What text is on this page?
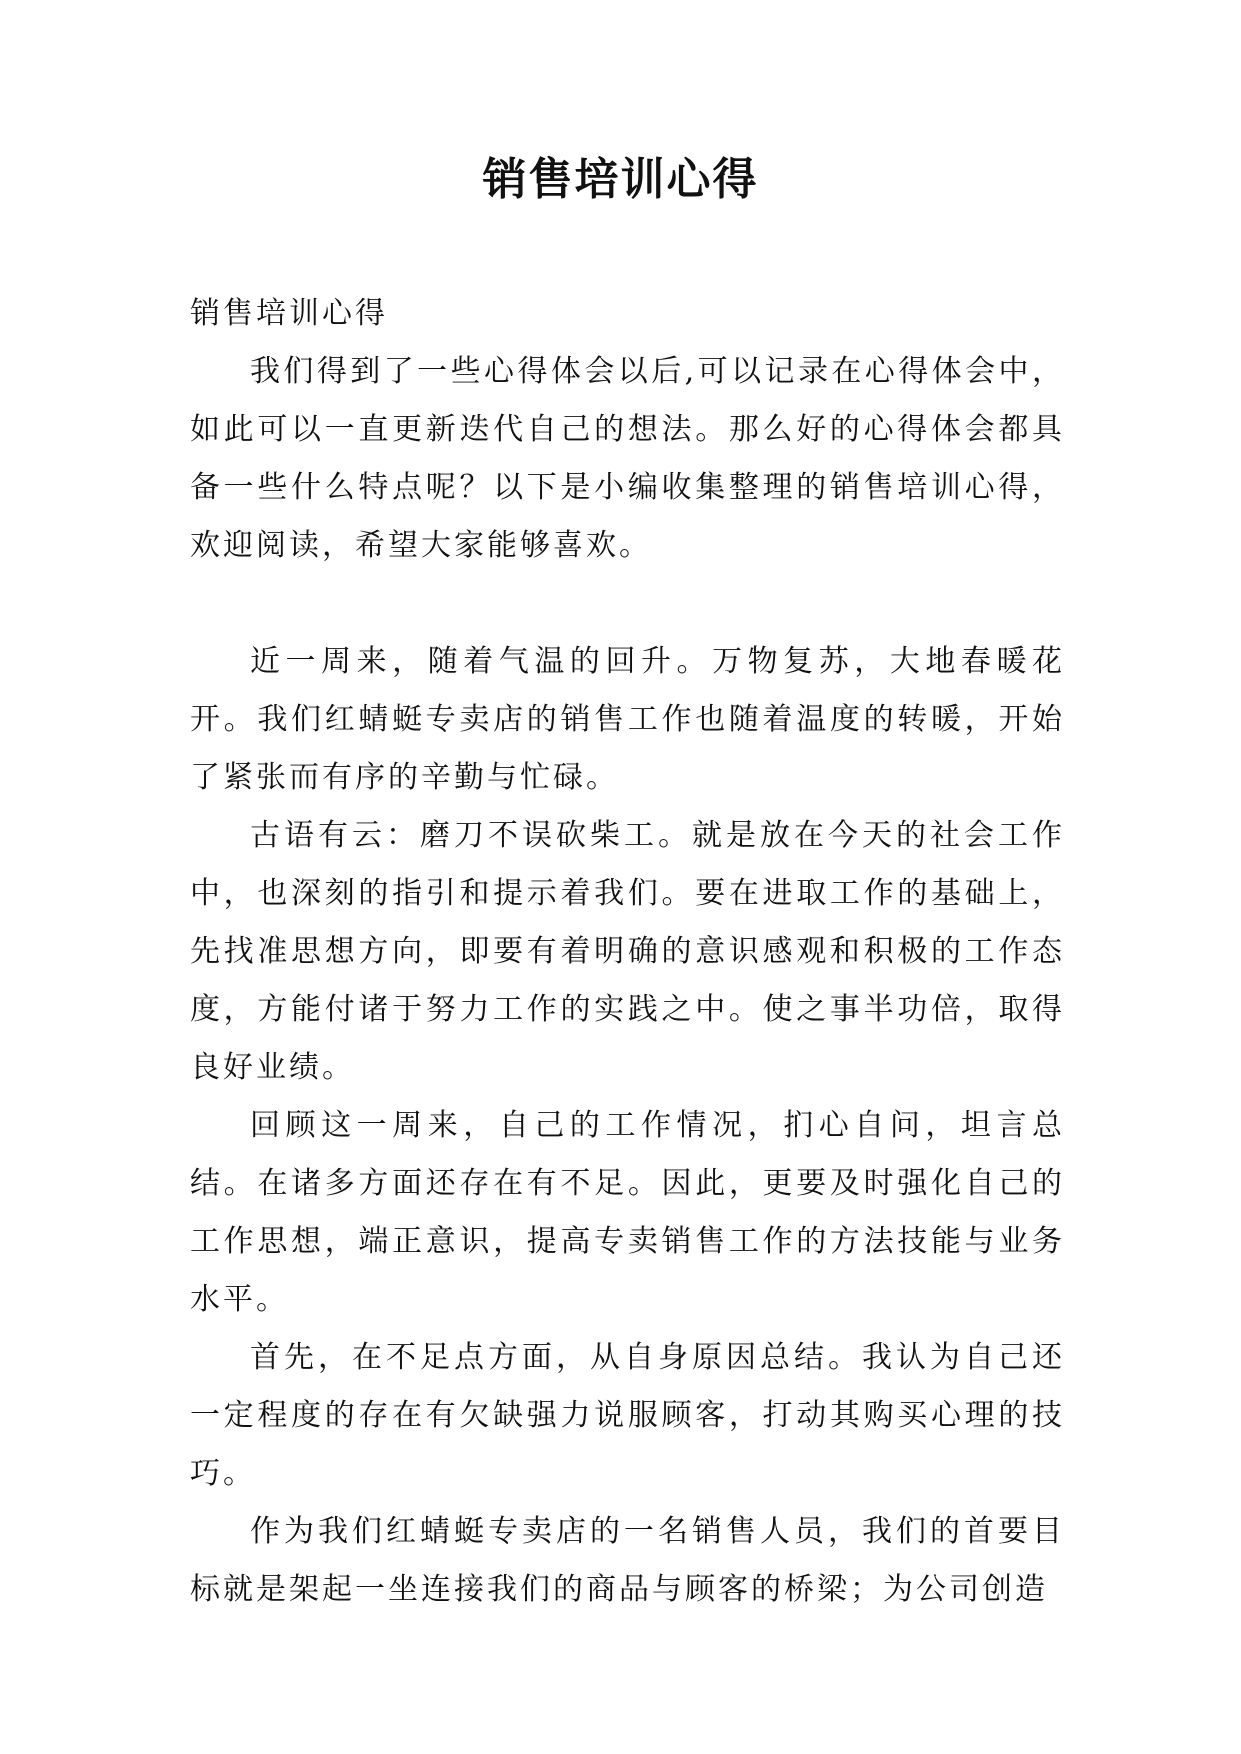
销售培训心得

销售培训心得

我们得到了一些心得体会以后,可以记录在心得体会中，如此可以一直更新迭代自己的想法。那么好的心得体会都具备一些什么特点呢？以下是小编收集整理的销售培训心得，欢迎阅读，希望大家能够喜欢。

近一周来，随着气温的回升。万物复苏，大地春暖花开。我们红蜻蜓专卖店的销售工作也随着温度的转暖，开始了紧张而有序的辛勤与忙碌。

古语有云：磨刀不误砍柴工。就是放在今天的社会工作中，也深刻的指引和提示着我们。要在进取工作的基础上，先找准思想方向，即要有着明确的意识感观和积极的工作态度，方能付诸于努力工作的实践之中。使之事半功倍，取得良好业绩。

回顾这一周来，自己的工作情况，扪心自问，坦言总结。在诸多方面还存在有不足。因此，更要及时强化自己的工作思想，端正意识，提高专卖销售工作的方法技能与业务水平。

首先，在不足点方面，从自身原因总结。我认为自己还一定程度的存在有欠缺强力说服顾客，打动其购买心理的技巧。

作为我们红蜻蜓专卖店的一名销售人员，我们的首要目标就是架起一坐连接我们的商品与顾客的桥梁；为公司创造
